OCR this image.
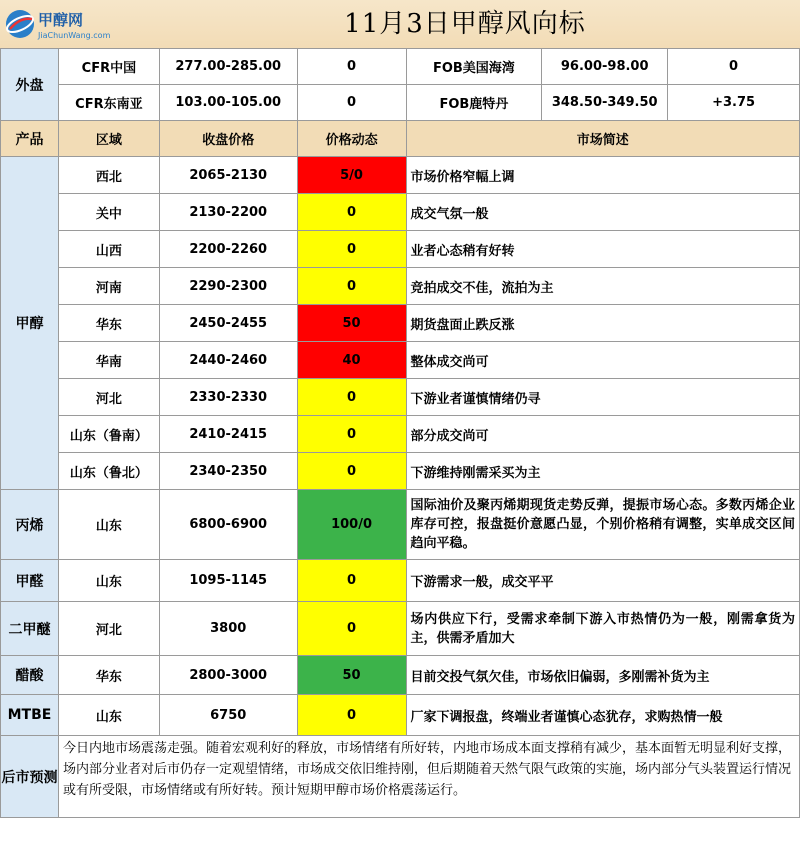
甲醇网
JiaChunWang.com	11月3日甲醇风向标
外盘	CFR中国	277.00-285.00	0	FOB美国海湾	96.00-98.00	0
	CFR东南亚	103.00-105.00	0	FOB鹿特丹	348.50-349.50	+3.75
产品	区域	收盘价格	价格动态	市场简述		
甲醇	西北	2065-2130	5/0	市场价格窄幅上调		
	关中	2130-2200	0	成交气氛一般		
	山西	2200-2260	0	业者心态稍有好转		
	河南	2290-2300	0	竞拍成交不佳，流拍为主		
	华东	2450-2455	50	期货盘面止跌反涨		
	华南	2440-2460	40	整体成交尚可		
	河北	2330-2330	0	下游业者谨慎情绪仍寻		
	山东（鲁南）	2410-2415	0	部分成交尚可		
	山东（鲁北）	2340-2350	0	下游维持刚需采买为主		
丙烯	山东	6800-6900	100/0	国际油价及聚丙烯期现货走势反弹，提振市场心态。多数丙烯企业库存可控，报盘挺价意愿凸显，个别价格稍有调整，实单成交区间趋向平稳。		
甲醛	山东	1095-1145	0	下游需求一般，成交平平		
二甲醚	河北	3800	0	场内供应下行，受需求牵制下游入市热情仍为一般，刚需拿货为主，供需矛盾加大		
醋酸	华东	2800-3000	50	目前交投气氛欠佳，市场依旧偏弱，多刚需补货为主		
MTBE	山东	6750	0	厂家下调报盘，终端业者谨慎心态犹存，求购热情一般		
后市预测	今日内地市场震荡走强。随着宏观利好的释放，市场情绪有所好转，内地市场成本面支撑稍有减少，基本面暂无明显利好支撑，场内部分业者对后市仍存一定观望情绪，市场成交依旧维持刚，但后期随着天然气限气政策的实施，场内部分气头装置运行情况或有所受限，市场情绪或有所好转。预计短期甲醇市场价格震荡运行。					
